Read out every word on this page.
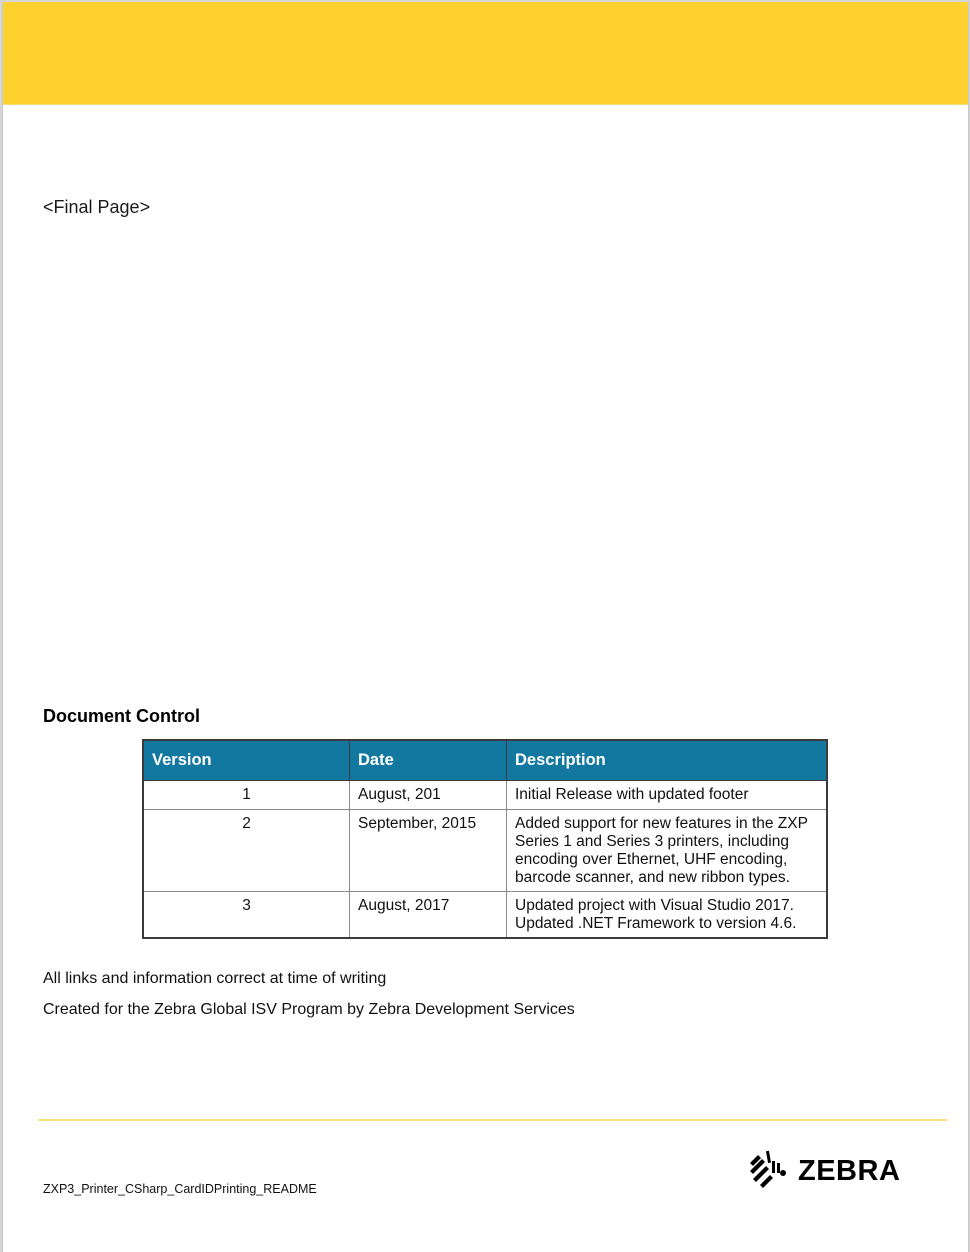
<Final Page>
Document Control
Version	Date	Description
1	August, 201	Initial Release with updated footer
2	September, 2015	Added support for new features in the ZXP Series 1 and Series 3 printers, including encoding over Ethernet, UHF encoding, barcode scanner, and new ribbon types.
3	August, 2017	Updated project with Visual Studio 2017. Updated .NET Framework to version 4.6.
All links and information correct at time of writing
Created for the Zebra Global ISV Program by Zebra Development Services
ZXP3_Printer_CSharp_CardIDPrinting_README
ZEBRA
